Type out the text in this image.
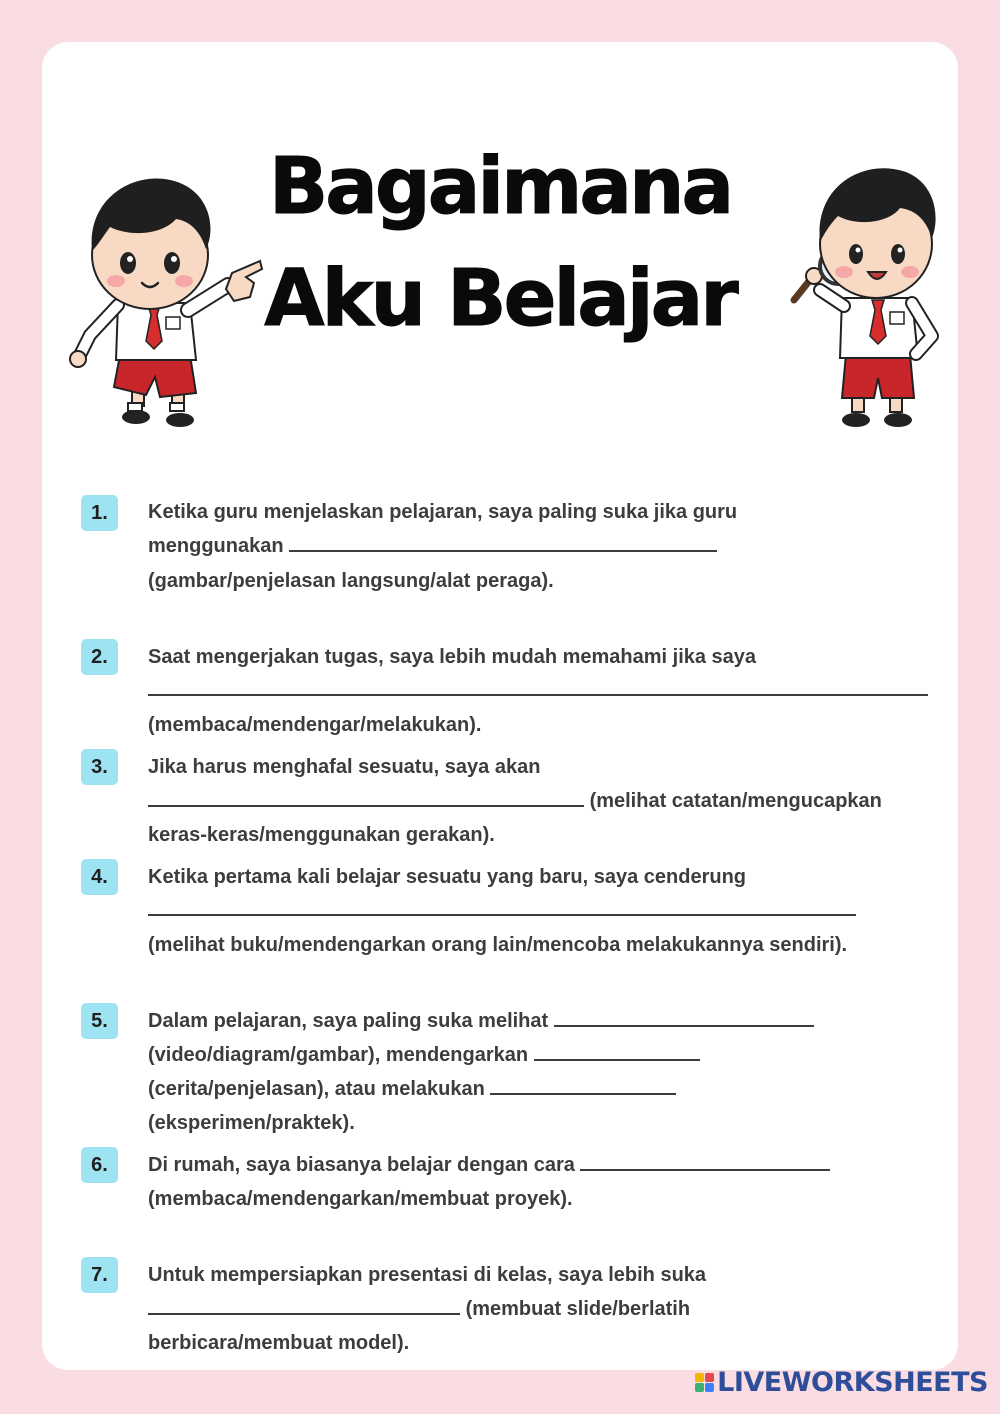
Bagaimana
Aku Belajar
1.	Ketika guru menjelaskan pelajaran, saya paling suka jika guru
menggunakan
(gambar/penjelasan langsung/alat peraga).
2.	Saat mengerjakan tugas, saya lebih mudah memahami jika saya
(membaca/mendengar/melakukan).
3.	Jika harus menghafal sesuatu, saya akan
(melihat catatan/mengucapkan
keras-keras/menggunakan gerakan).
4.	Ketika pertama kali belajar sesuatu yang baru, saya cenderung
(melihat buku/mendengarkan orang lain/mencoba melakukannya sendiri).
5.	Dalam pelajaran, saya paling suka melihat
(video/diagram/gambar), mendengarkan
(cerita/penjelasan), atau melakukan
(eksperimen/praktek).
6.	Di rumah, saya biasanya belajar dengan cara
(membaca/mendengarkan/membuat proyek).
7.	Untuk mempersiapkan presentasi di kelas, saya lebih suka
(membuat slide/berlatih
berbicara/membuat model).
LIVEWORKSHEETS
